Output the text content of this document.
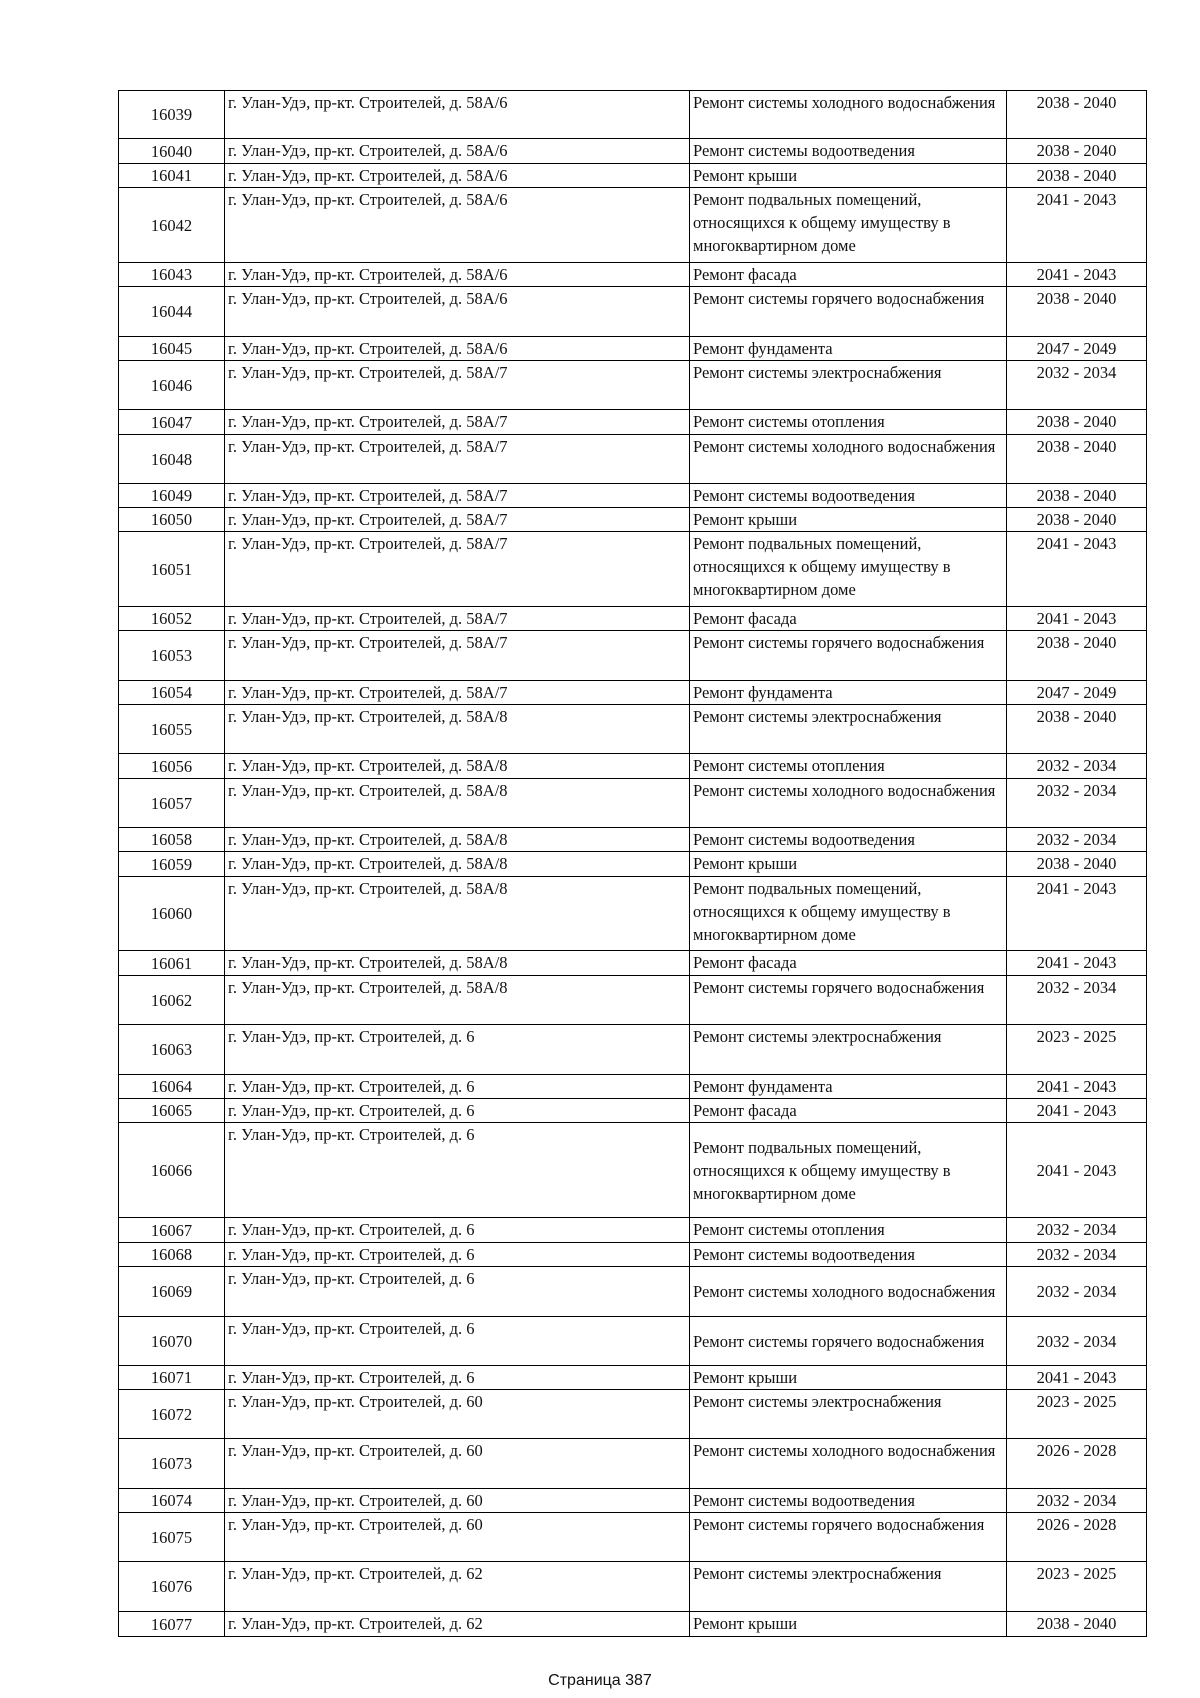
16039	г. Улан-Удэ, пр-кт. Строителей, д. 58А/6	Ремонт системы холодного водоснабжения	2038 - 2040
16040	г. Улан-Удэ, пр-кт. Строителей, д. 58А/6	Ремонт системы водоотведения	2038 - 2040
16041	г. Улан-Удэ, пр-кт. Строителей, д. 58А/6	Ремонт крыши	2038 - 2040
16042	г. Улан-Удэ, пр-кт. Строителей, д. 58А/6	Ремонт подвальных помещений, относящихся к общему имуществу в многоквартирном доме	2041 - 2043
16043	г. Улан-Удэ, пр-кт. Строителей, д. 58А/6	Ремонт фасада	2041 - 2043
16044	г. Улан-Удэ, пр-кт. Строителей, д. 58А/6	Ремонт системы горячего водоснабжения	2038 - 2040
16045	г. Улан-Удэ, пр-кт. Строителей, д. 58А/6	Ремонт фундамента	2047 - 2049
16046	г. Улан-Удэ, пр-кт. Строителей, д. 58А/7	Ремонт системы электроснабжения	2032 - 2034
16047	г. Улан-Удэ, пр-кт. Строителей, д. 58А/7	Ремонт системы отопления	2038 - 2040
16048	г. Улан-Удэ, пр-кт. Строителей, д. 58А/7	Ремонт системы холодного водоснабжения	2038 - 2040
16049	г. Улан-Удэ, пр-кт. Строителей, д. 58А/7	Ремонт системы водоотведения	2038 - 2040
16050	г. Улан-Удэ, пр-кт. Строителей, д. 58А/7	Ремонт крыши	2038 - 2040
16051	г. Улан-Удэ, пр-кт. Строителей, д. 58А/7	Ремонт подвальных помещений, относящихся к общему имуществу в многоквартирном доме	2041 - 2043
16052	г. Улан-Удэ, пр-кт. Строителей, д. 58А/7	Ремонт фасада	2041 - 2043
16053	г. Улан-Удэ, пр-кт. Строителей, д. 58А/7	Ремонт системы горячего водоснабжения	2038 - 2040
16054	г. Улан-Удэ, пр-кт. Строителей, д. 58А/7	Ремонт фундамента	2047 - 2049
16055	г. Улан-Удэ, пр-кт. Строителей, д. 58А/8	Ремонт системы электроснабжения	2038 - 2040
16056	г. Улан-Удэ, пр-кт. Строителей, д. 58А/8	Ремонт системы отопления	2032 - 2034
16057	г. Улан-Удэ, пр-кт. Строителей, д. 58А/8	Ремонт системы холодного водоснабжения	2032 - 2034
16058	г. Улан-Удэ, пр-кт. Строителей, д. 58А/8	Ремонт системы водоотведения	2032 - 2034
16059	г. Улан-Удэ, пр-кт. Строителей, д. 58А/8	Ремонт крыши	2038 - 2040
16060	г. Улан-Удэ, пр-кт. Строителей, д. 58А/8	Ремонт подвальных помещений, относящихся к общему имуществу в многоквартирном доме	2041 - 2043
16061	г. Улан-Удэ, пр-кт. Строителей, д. 58А/8	Ремонт фасада	2041 - 2043
16062	г. Улан-Удэ, пр-кт. Строителей, д. 58А/8	Ремонт системы горячего водоснабжения	2032 - 2034
16063	г. Улан-Удэ, пр-кт. Строителей, д. 6	Ремонт системы электроснабжения	2023 - 2025
16064	г. Улан-Удэ, пр-кт. Строителей, д. 6	Ремонт фундамента	2041 - 2043
16065	г. Улан-Удэ, пр-кт. Строителей, д. 6	Ремонт фасада	2041 - 2043
16066	г. Улан-Удэ, пр-кт. Строителей, д. 6	Ремонт подвальных помещений, относящихся к общему имуществу в многоквартирном доме	2041 - 2043
16067	г. Улан-Удэ, пр-кт. Строителей, д. 6	Ремонт системы отопления	2032 - 2034
16068	г. Улан-Удэ, пр-кт. Строителей, д. 6	Ремонт системы водоотведения	2032 - 2034
16069	г. Улан-Удэ, пр-кт. Строителей, д. 6	Ремонт системы холодного водоснабжения	2032 - 2034
16070	г. Улан-Удэ, пр-кт. Строителей, д. 6	Ремонт системы горячего водоснабжения	2032 - 2034
16071	г. Улан-Удэ, пр-кт. Строителей, д. 6	Ремонт крыши	2041 - 2043
16072	г. Улан-Удэ, пр-кт. Строителей, д. 60	Ремонт системы электроснабжения	2023 - 2025
16073	г. Улан-Удэ, пр-кт. Строителей, д. 60	Ремонт системы холодного водоснабжения	2026 - 2028
16074	г. Улан-Удэ, пр-кт. Строителей, д. 60	Ремонт системы водоотведения	2032 - 2034
16075	г. Улан-Удэ, пр-кт. Строителей, д. 60	Ремонт системы горячего водоснабжения	2026 - 2028
16076	г. Улан-Удэ, пр-кт. Строителей, д. 62	Ремонт системы электроснабжения	2023 - 2025
16077	г. Улан-Удэ, пр-кт. Строителей, д. 62	Ремонт крыши	2038 - 2040
Страница 387
